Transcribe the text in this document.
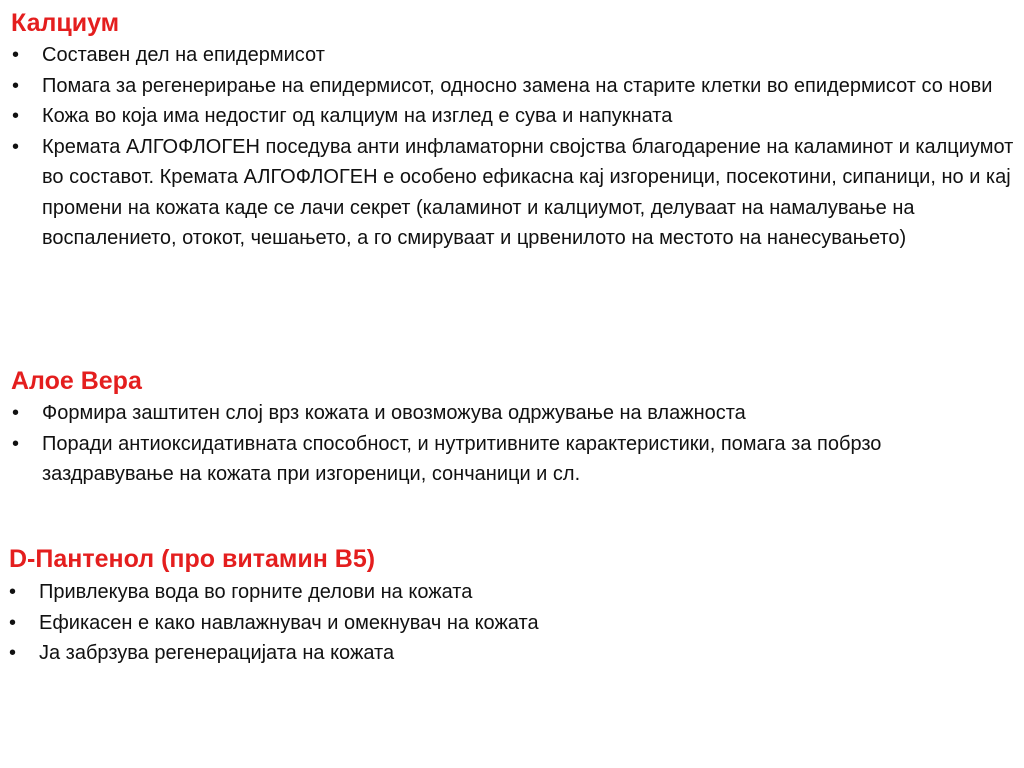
Калциум
• Составен дел на епидермисот
• Помага за регенерирање на епидермисот, односно замена на старите клетки во епидермисот со нови
• Кожа во која има недостиг од калциум на изглед е сува и напукната
• Кремата АЛГОФЛОГЕН поседува анти инфламаторни својства благодарение на каламинот и калциумот во составот. Кремата АЛГОФЛОГЕН е особено ефикасна кај изгореници, посекотини, сипаници, но и кај промени на кожата каде се лачи секрет (каламинот и калциумот, делуваат на намалување на воспалението, отокот, чешањето, а го смируваат и црвенилото на местото на нанесувањето)
Алое Вера
• Формира заштитен слој врз кожата и овозможува одржување на влажноста
• Поради антиоксидативната способност, и нутритивните карактеристики, помага за побрзо заздравување на кожата при изгореници, сончаници и сл.
D-Пантенол (про витамин B5)
• Привлекува вода во горните делови на кожата
• Ефикасен е како навлажнувач и омекнувач на кожата
• Ја забрзува регенерацијата на кожата
